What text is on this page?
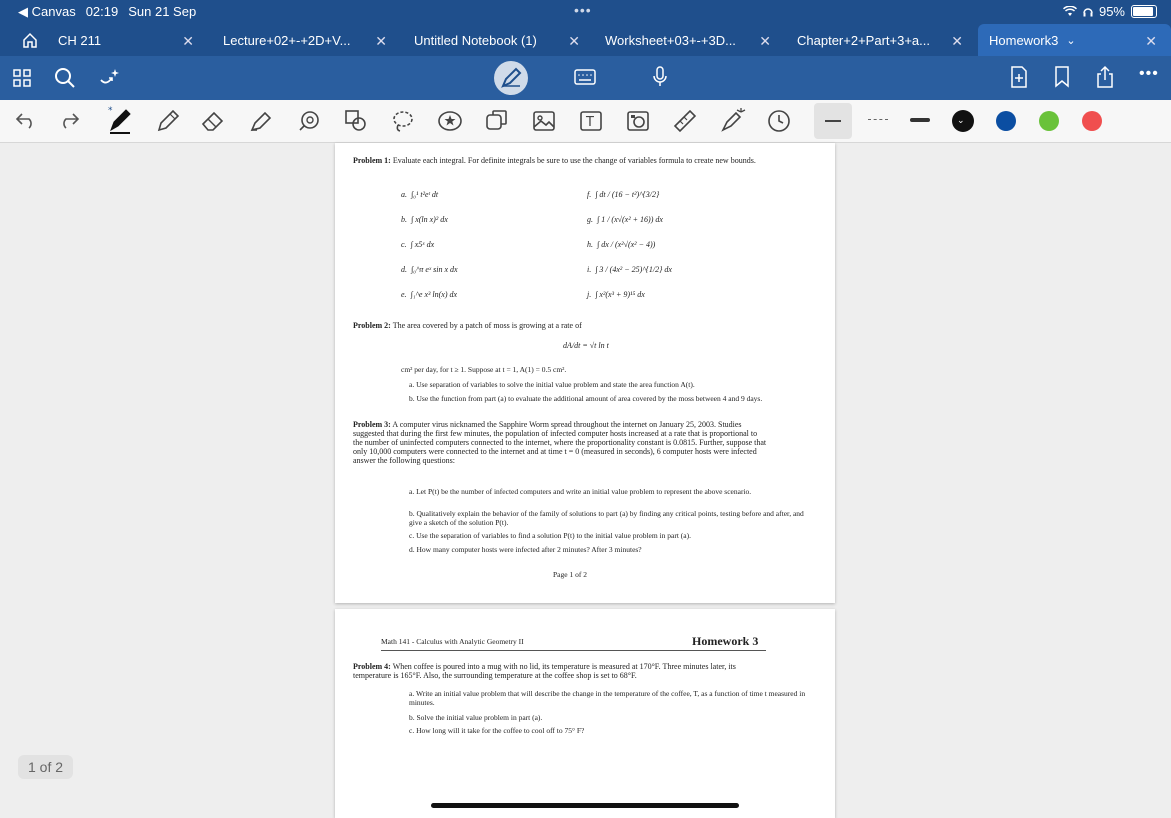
◀ Canvas 02:19 Sun 21 Sep	•••	95%
CH 211	✕	Lecture+02+-+2D+V... ✕	Untitled Notebook (1) ✕	Worksheet+03+-+3D... ✕	Chapter+2+Part+3+a... ✕	Homework3 ⌄	✕
•••
*
T	⌄
Problem 1: Evaluate each integral. For definite integrals be sure to use the change of variables formula to create new bounds.
a. ∫₀¹ t²eᵗ dt
b. ∫ x(ln x)² dx
c. ∫ x5ˣ dx
d. ∫₀^π eˣ sin x dx
e. ∫₁^e x³ ln(x) dx
f. ∫ dt / (16 − t²)^{3/2}
g. ∫ 1 / (x√(x² + 16)) dx
h. ∫ dx / (x²√(x² − 4))
i. ∫ 3 / (4x² − 25)^{1/2} dx
j. ∫ x²(x³ + 9)¹⁵ dx
Problem 2: The area covered by a patch of moss is growing at a rate of
dA/dt = √t ln t
cm² per day, for t ≥ 1. Suppose at t = 1, A(1) = 0.5 cm².
a. Use separation of variables to solve the initial value problem and state the area function A(t).
b. Use the function from part (a) to evaluate the additional amount of area covered by the moss between 4 and 9 days.
Problem 3: A computer virus nicknamed the Sapphire Worm spread throughout the internet on January 25, 2003. Studies suggested that during the first few minutes, the population of infected computer hosts increased at a rate that is proportional to the number of uninfected computers connected to the internet, where the proportionality constant is 0.0815. Further, suppose that only 10,000 computers were connected to the internet and at time t = 0 (measured in seconds), 6 computer hosts were infected answer the following questions:
a. Let P(t) be the number of infected computers and write an initial value problem to represent the above scenario.
b. Qualitatively explain the behavior of the family of solutions to part (a) by finding any critical points, testing before and after, and give a sketch of the solution P(t).
c. Use the separation of variables to find a solution P(t) to the initial value problem in part (a).
d. How many computer hosts were infected after 2 minutes? After 3 minutes?
Page 1 of 2
Math 141 - Calculus with Analytic Geometry II	Homework 3
Problem 4: When coffee is poured into a mug with no lid, its temperature is measured at 170°F. Three minutes later, its temperature is 165°F. Also, the surrounding temperature at the coffee shop is set to 68°F.
a. Write an initial value problem that will describe the change in the temperature of the coffee, T, as a function of time t measured in minutes.
b. Solve the initial value problem in part (a).
c. How long will it take for the coffee to cool off to 75° F?
1 of 2
